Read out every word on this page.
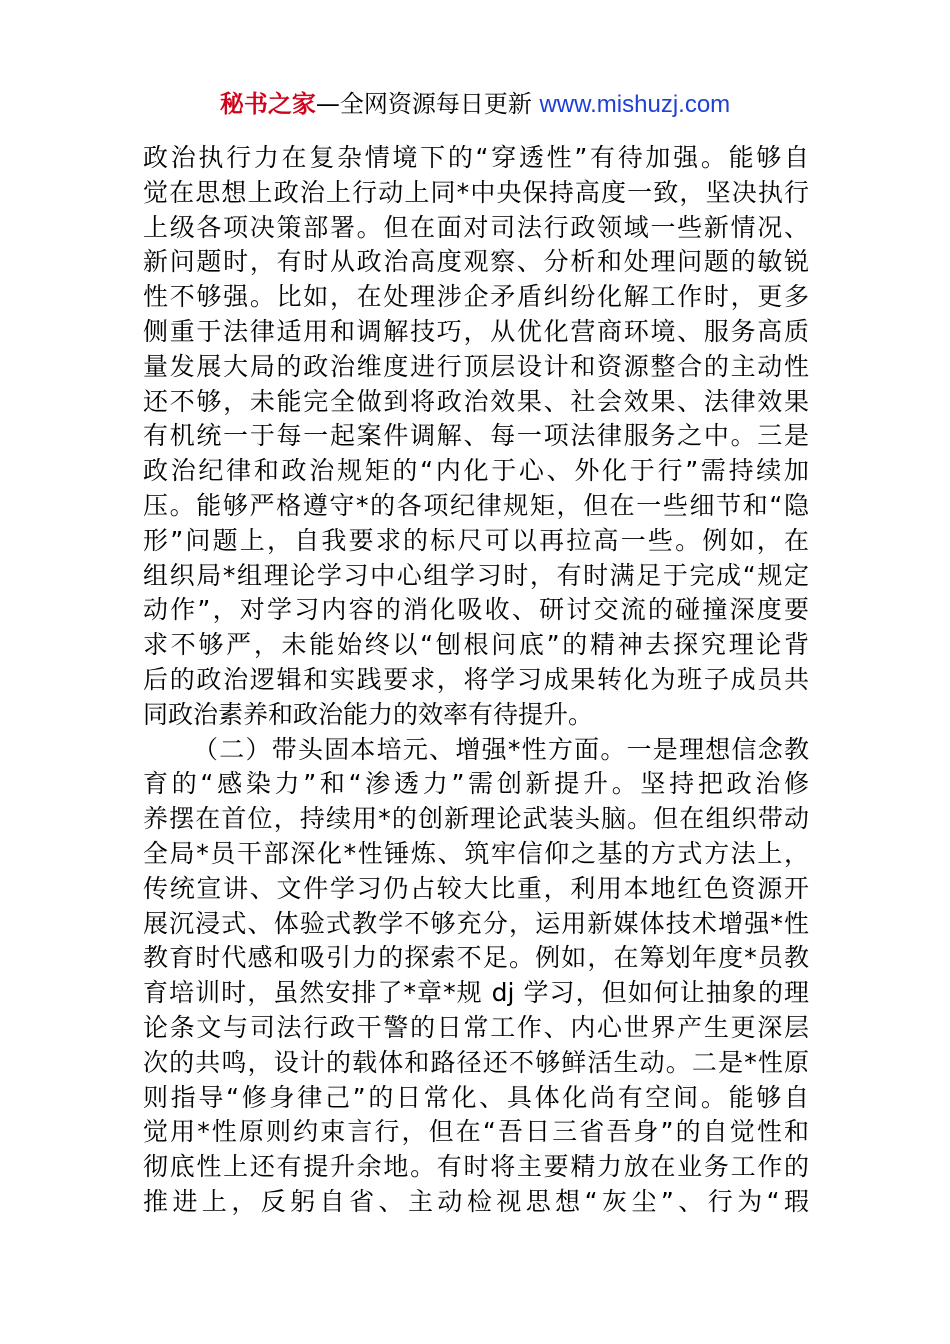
秘书之家—全网资源每日更新 www.mishuzj.com
政治执行力在复杂情境下的“穿透性”有待加强。能够自
觉在思想上政治上行动上同*中央保持高度一致，坚决执行
上级各项决策部署。但在面对司法行政领域一些新情况、
新问题时，有时从政治高度观察、分析和处理问题的敏锐
性不够强。比如，在处理涉企矛盾纠纷化解工作时，更多
侧重于法律适用和调解技巧，从优化营商环境、服务高质
量发展大局的政治维度进行顶层设计和资源整合的主动性
还不够，未能完全做到将政治效果、社会效果、法律效果
有机统一于每一起案件调解、每一项法律服务之中。三是
政治纪律和政治规矩的“内化于心、外化于行”需持续加
压。能够严格遵守*的各项纪律规矩，但在一些细节和“隐
形”问题上，自我要求的标尺可以再拉高一些。例如，在
组织局*组理论学习中心组学习时，有时满足于完成“规定
动作”，对学习内容的消化吸收、研讨交流的碰撞深度要
求不够严，未能始终以“刨根问底”的精神去探究理论背
后的政治逻辑和实践要求，将学习成果转化为班子成员共
同政治素养和政治能力的效率有待提升。
（二）带头固本培元、增强*性方面。一是理想信念教
育的“感染力”和“渗透力”需创新提升。坚持把政治修
养摆在首位，持续用*的创新理论武装头脑。但在组织带动
全局*员干部深化*性锤炼、筑牢信仰之基的方式方法上，
传统宣讲、文件学习仍占较大比重，利用本地红色资源开
展沉浸式、体验式教学不够充分，运用新媒体技术增强*性
教育时代感和吸引力的探索不足。例如，在筹划年度*员教
育培训时，虽然安排了*章*规 dj 学习，但如何让抽象的理
论条文与司法行政干警的日常工作、内心世界产生更深层
次的共鸣，设计的载体和路径还不够鲜活生动。二是*性原
则指导“修身律己”的日常化、具体化尚有空间。能够自
觉用*性原则约束言行，但在“吾日三省吾身”的自觉性和
彻底性上还有提升余地。有时将主要精力放在业务工作的
推进上，反躬自省、主动检视思想“灰尘”、行为“瑕
